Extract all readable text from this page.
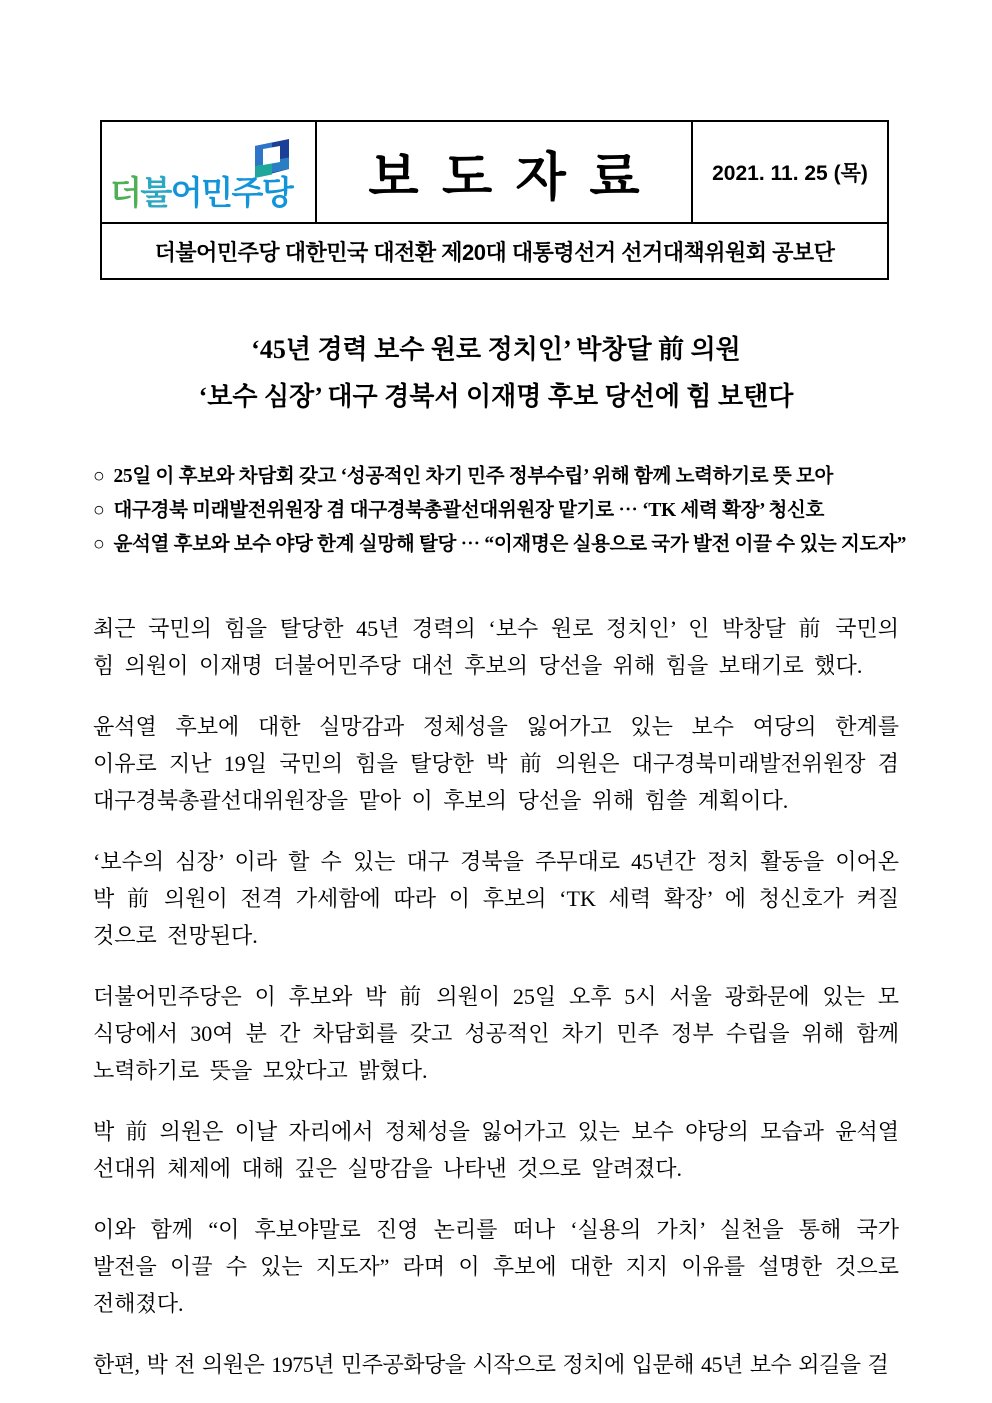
더불어민주당	보도자료	2021. 11. 25 (목)
더불어민주당 대한민국 대전환 제20대 대통령선거 선거대책위원회 공보단
‘45년 경력 보수 원로 정치인’ 박창달 前 의원
‘보수 심장’ 대구 경북서 이재명 후보 당선에 힘 보탠다
○ 25일 이 후보와 차담회 갖고 ‘성공적인 차기 민주 정부수립’ 위해 함께 노력하기로 뜻 모아
○ 대구경북 미래발전위원장 겸 대구경북총괄선대위원장 맡기로 ⋯ ‘TK 세력 확장’ 청신호
○ 윤석열 후보와 보수 야당 한계 실망해 탈당 ⋯ “이재명은 실용으로 국가 발전 이끌 수 있는 지도자”

최근 국민의 힘을 탈당한 45년 경력의 ‘보수 원로 정치인’ 인 박창달 前 국민의 힘 의원이 이재명 더불어민주당 대선 후보의 당선을 위해 힘을 보태기로 했다.

윤석열 후보에 대한 실망감과 정체성을 잃어가고 있는 보수 여당의 한계를 이유로 지난 19일 국민의 힘을 탈당한 박 前 의원은 대구경북미래발전위원장 겸 대구경북총괄선대위원장을 맡아 이 후보의 당선을 위해 힘쓸 계획이다.

‘보수의 심장’ 이라 할 수 있는 대구 경북을 주무대로 45년간 정치 활동을 이어온 박 前 의원이 전격 가세함에 따라 이 후보의 ‘TK 세력 확장’ 에 청신호가 켜질 것으로 전망된다.

더불어민주당은 이 후보와 박 前 의원이 25일 오후 5시 서울 광화문에 있는 모 식당에서 30여 분 간 차담회를 갖고 성공적인 차기 민주 정부 수립을 위해 함께 노력하기로 뜻을 모았다고 밝혔다.

박 前 의원은 이날 자리에서 정체성을 잃어가고 있는 보수 야당의 모습과 윤석열 선대위 체제에 대해 깊은 실망감을 나타낸 것으로 알려졌다.

이와 함께 “이 후보야말로 진영 논리를 떠나 ‘실용의 가치’ 실천을 통해 국가 발전을 이끌 수 있는 지도자” 라며 이 후보에 대한 지지 이유를 설명한 것으로 전해졌다.

한편, 박 전 의원은 1975년 민주공화당을 시작으로 정치에 입문해 45년 보수 외길을 걸
